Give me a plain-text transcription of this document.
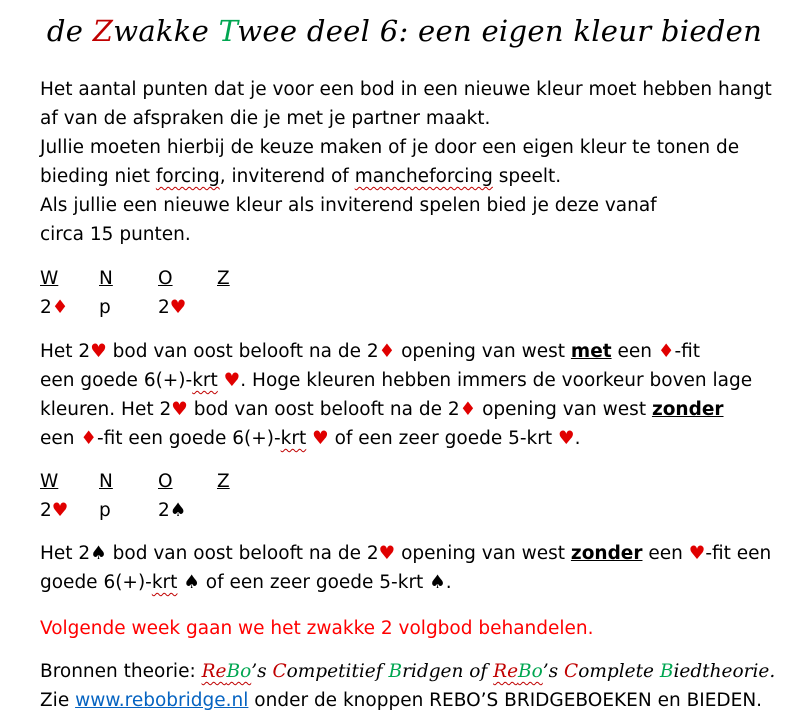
de Zwakke Twee deel 6: een eigen kleur bieden
Het aantal punten dat je voor een bod in een nieuwe kleur moet hebben hangt
af van de afspraken die je met je partner maakt.
Jullie moeten hierbij de keuze maken of je door een eigen kleur te tonen de
bieding niet forcing, inviterend of mancheforcing speelt.
Als jullie een nieuwe kleur als inviterend spelen bied je deze vanaf
circa 15 punten.
W	N	O	Z
2♦	p	2♥
Het 2♥ bod van oost belooft na de 2♦ opening van west met een ♦-fit
een goede 6(+)-krt ♥. Hoge kleuren hebben immers de voorkeur boven lage
kleuren. Het 2♥ bod van oost belooft na de 2♦ opening van west zonder
een ♦-fit een goede 6(+)-krt ♥ of een zeer goede 5-krt ♥.
W	N	O	Z
2♥	p	2♠
Het 2♠ bod van oost belooft na de 2♥ opening van west zonder een ♥-fit een
goede 6(+)-krt ♠ of een zeer goede 5-krt ♠.
Volgende week gaan we het zwakke 2 volgbod behandelen.
Bronnen theorie: ReBo’s Competitief Bridgen of ReBo’s Complete Biedtheorie.
Zie www.rebobridge.nl onder de knoppen REBO’S BRIDGEBOEKEN en BIEDEN.
